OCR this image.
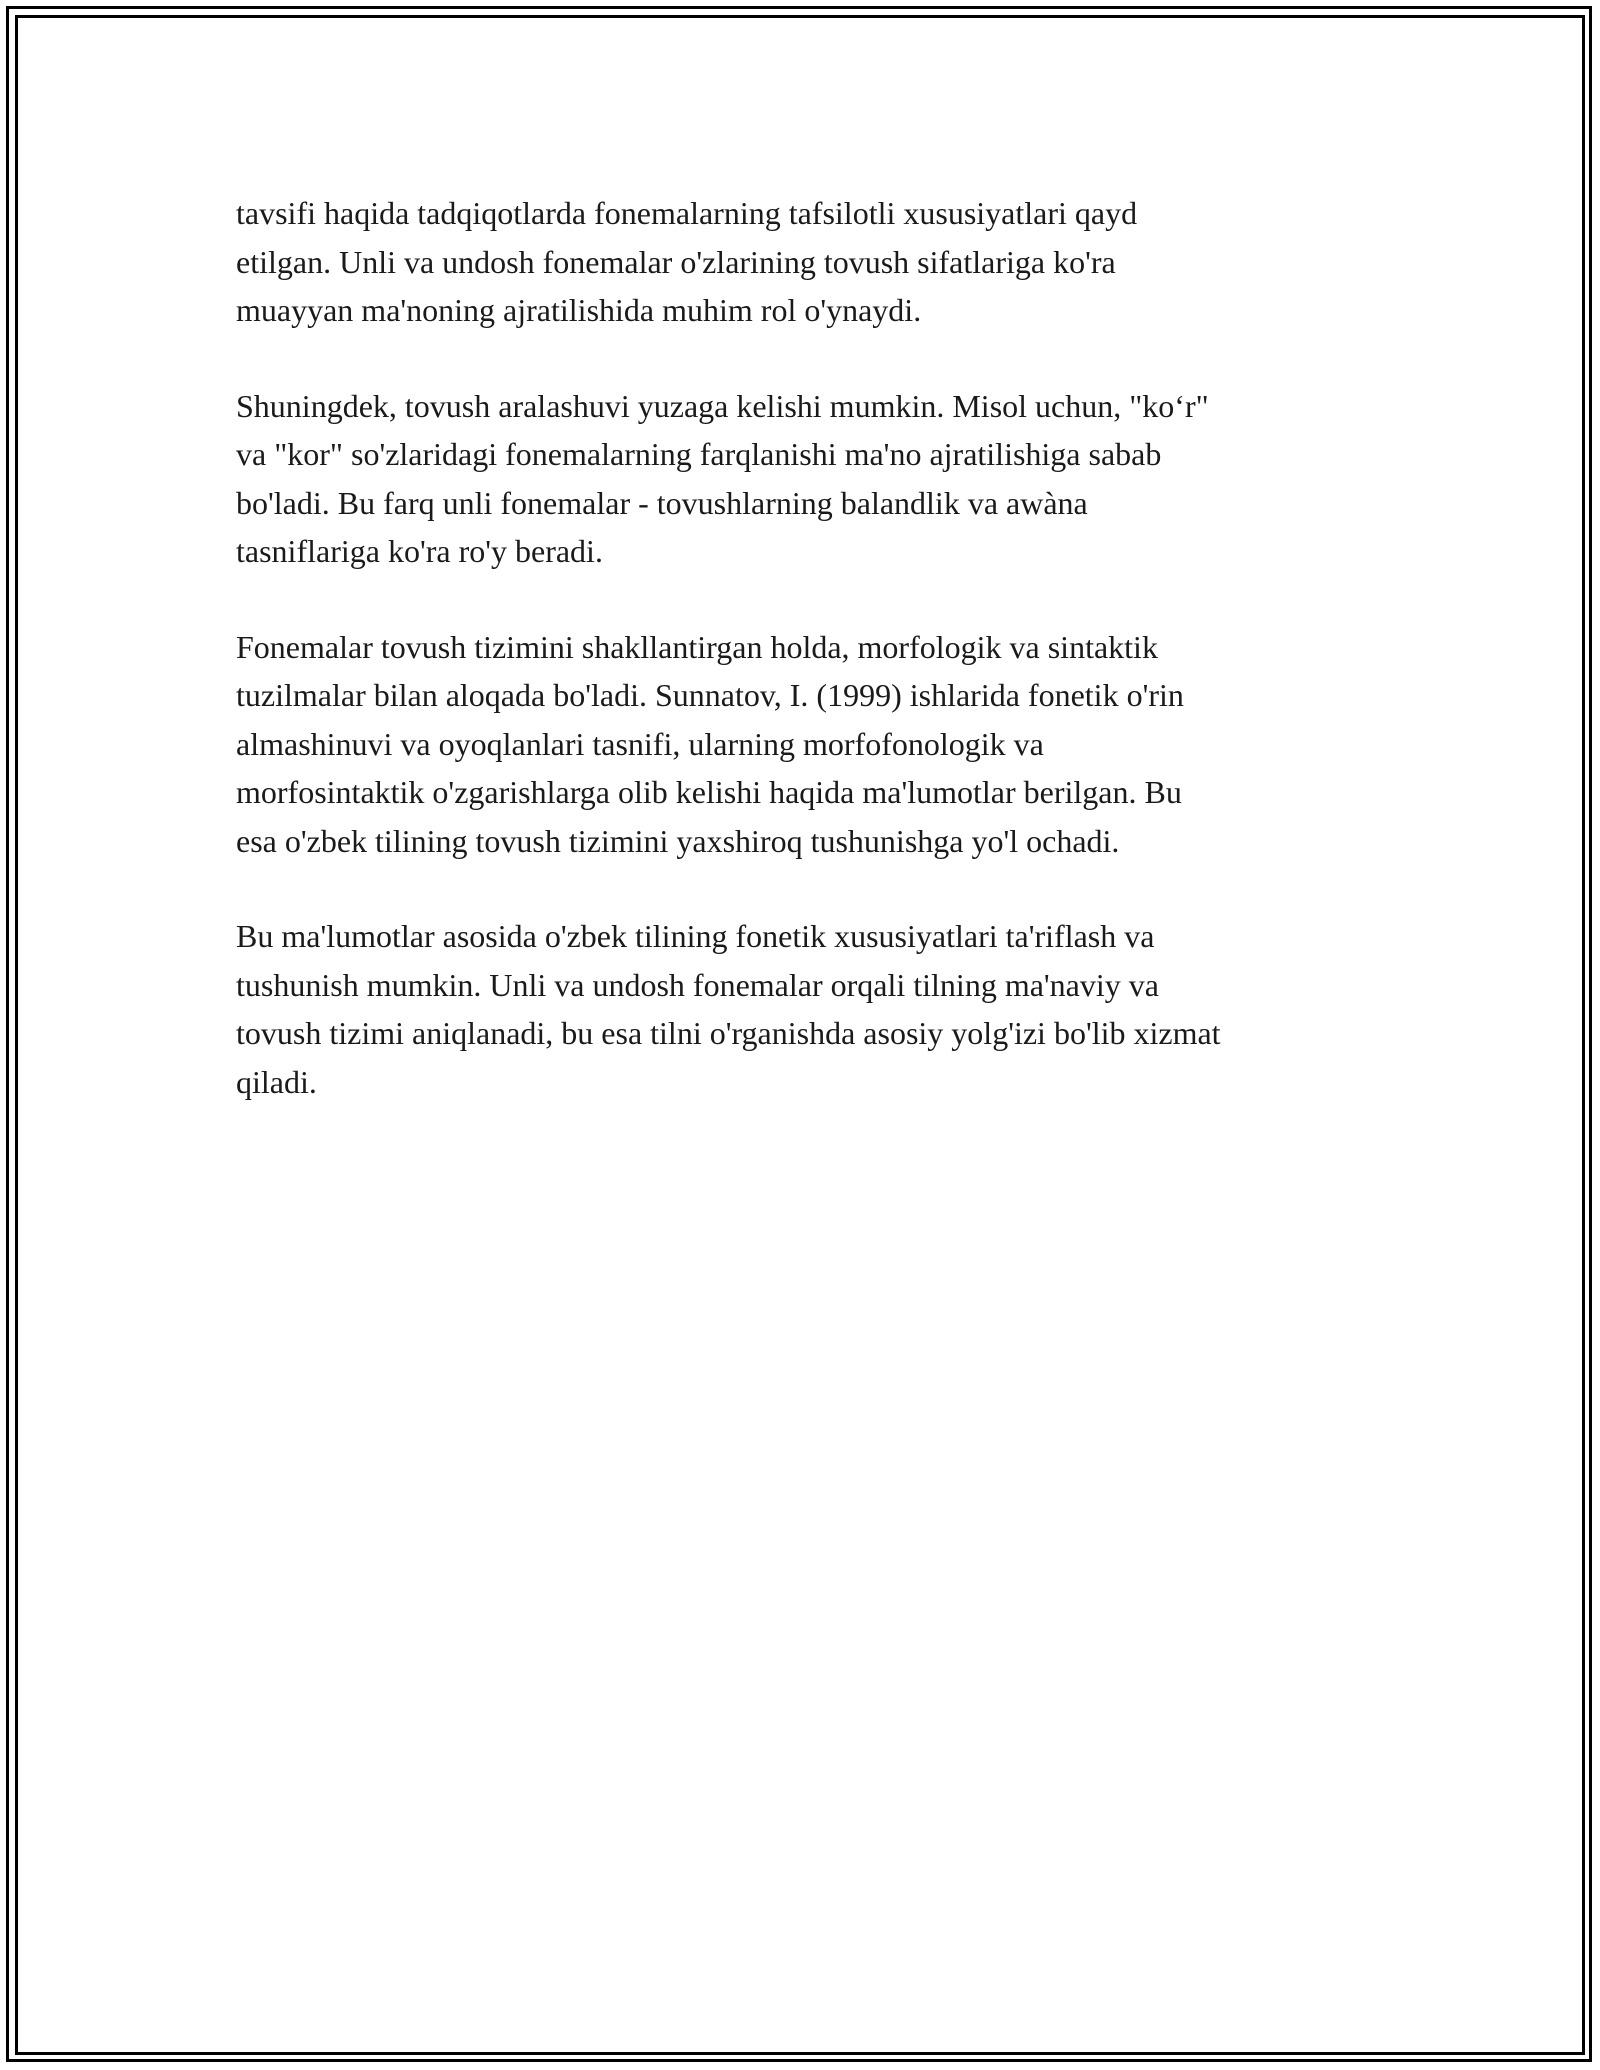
tavsifi haqida tadqiqotlarda fonemalarning tafsilotli xususiyatlari qayd
etilgan. Unli va undosh fonemalar o'zlarining tovush sifatlariga ko'ra
muayyan ma'noning ajratilishida muhim rol o'ynaydi.

Shuningdek, tovush aralashuvi yuzaga kelishi mumkin. Misol uchun, "ko‘r"
va "kor" so'zlaridagi fonemalarning farqlanishi ma'no ajratilishiga sabab
bo'ladi. Bu farq unli fonemalar - tovushlarning balandlik va awàna
tasniflariga ko'ra ro'y beradi.

Fonemalar tovush tizimini shakllantirgan holda, morfologik va sintaktik
tuzilmalar bilan aloqada bo'ladi. Sunnatov, I. (1999) ishlarida fonetik o'rin
almashinuvi va oyoqlanlari tasnifi, ularning morfofonologik va
morfosintaktik o'zgarishlarga olib kelishi haqida ma'lumotlar berilgan. Bu
esa o'zbek tilining tovush tizimini yaxshiroq tushunishga yo'l ochadi.

Bu ma'lumotlar asosida o'zbek tilining fonetik xususiyatlari ta'riflash va
tushunish mumkin. Unli va undosh fonemalar orqali tilning ma'naviy va
tovush tizimi aniqlanadi, bu esa tilni o'rganishda asosiy yolg'izi bo'lib xizmat
qiladi.
